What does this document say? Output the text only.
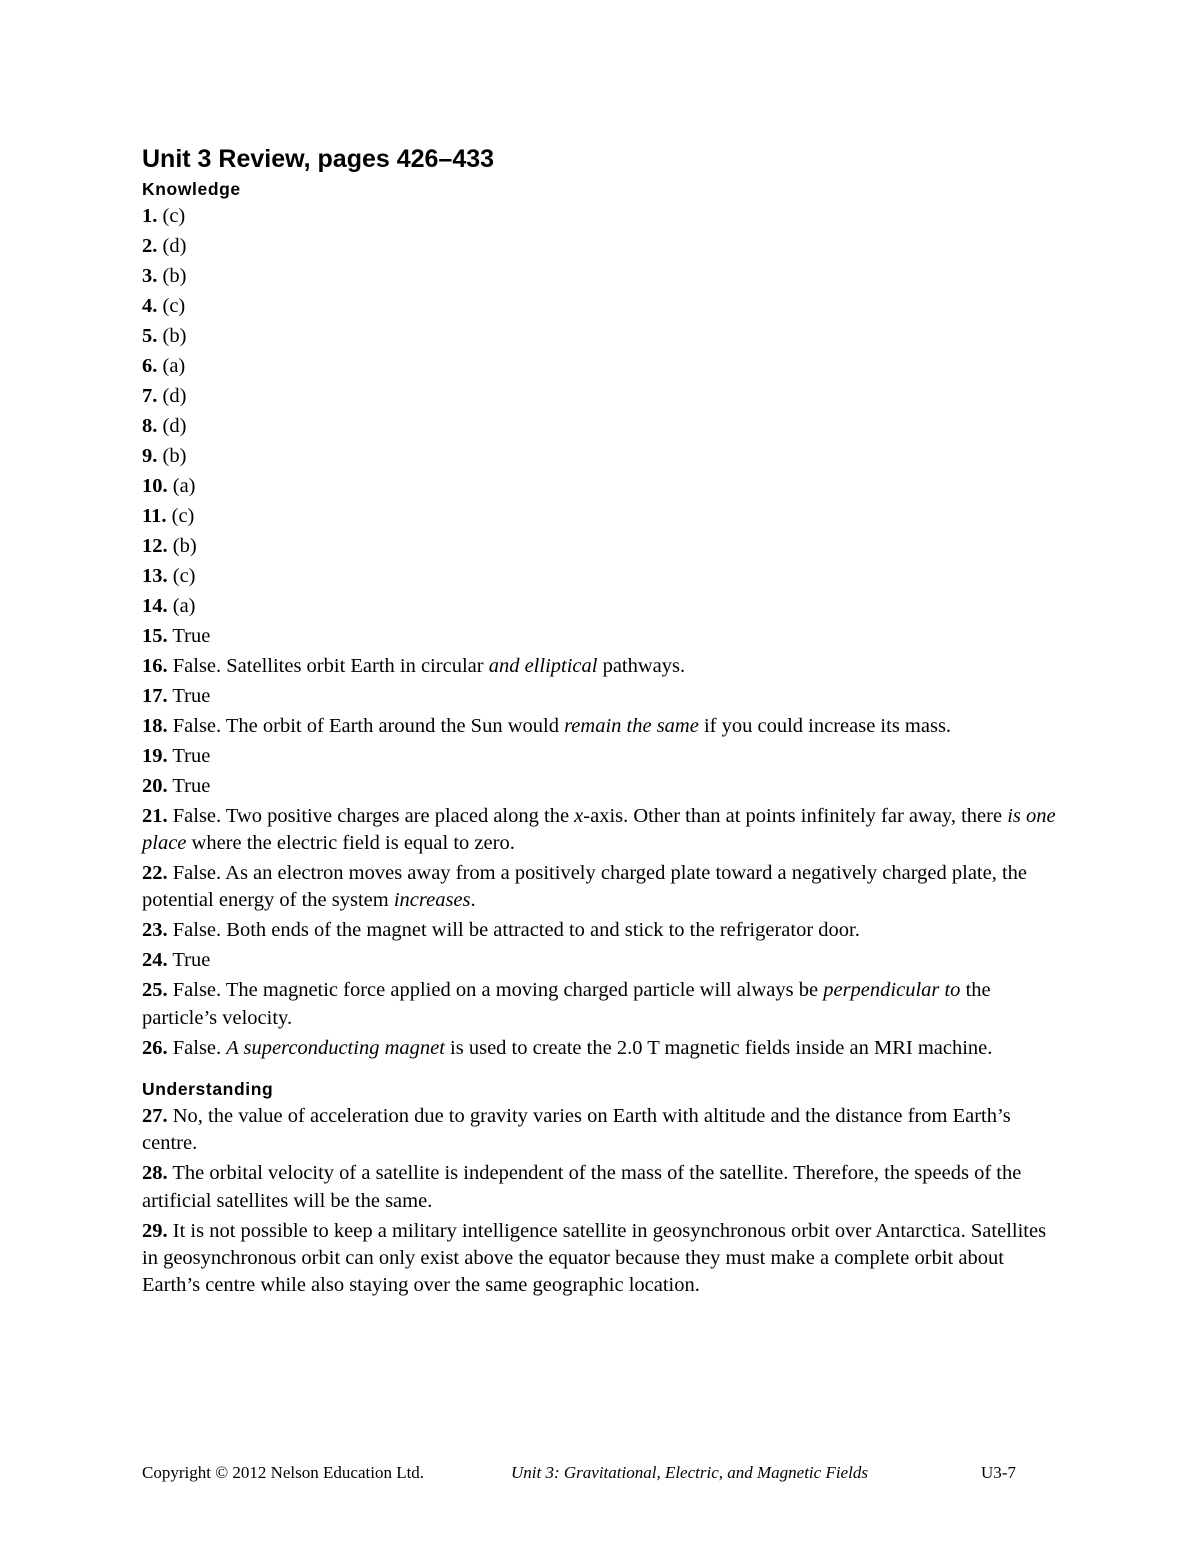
Unit 3 Review, pages 426–433
Knowledge
1. (c)
2. (d)
3. (b)
4. (c)
5. (b)
6. (a)
7. (d)
8. (d)
9. (b)
10. (a)
11. (c)
12. (b)
13. (c)
14. (a)
15. True
16. False. Satellites orbit Earth in circular and elliptical pathways.
17. True
18. False. The orbit of Earth around the Sun would remain the same if you could increase its mass.
19. True
20. True
21. False. Two positive charges are placed along the x-axis. Other than at points infinitely far away, there is one place where the electric field is equal to zero.
22. False. As an electron moves away from a positively charged plate toward a negatively charged plate, the potential energy of the system increases.
23. False. Both ends of the magnet will be attracted to and stick to the refrigerator door.
24. True
25. False. The magnetic force applied on a moving charged particle will always be perpendicular to the particle’s velocity.
26. False. A superconducting magnet is used to create the 2.0 T magnetic fields inside an MRI machine.
Understanding
27. No, the value of acceleration due to gravity varies on Earth with altitude and the distance from Earth’s centre.
28. The orbital velocity of a satellite is independent of the mass of the satellite. Therefore, the speeds of the artificial satellites will be the same.
29. It is not possible to keep a military intelligence satellite in geosynchronous orbit over Antarctica. Satellites in geosynchronous orbit can only exist above the equator because they must make a complete orbit about Earth’s centre while also staying over the same geographic location.
Copyright © 2012 Nelson Education Ltd.	Unit 3: Gravitational, Electric, and Magnetic Fields	U3-7
